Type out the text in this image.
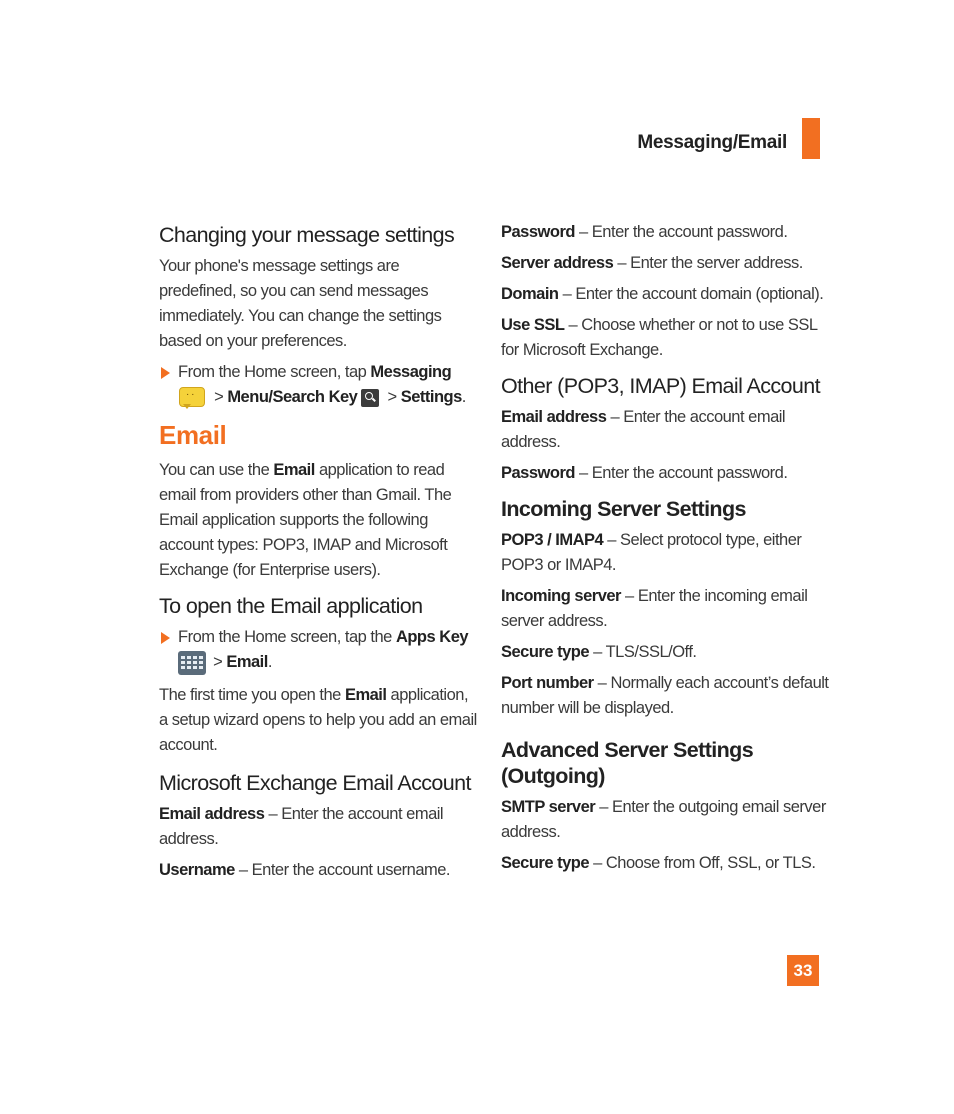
Messaging/Email
Changing your message settings
Your phone's message settings are predefined, so you can send messages immediately. You can change the settings based on your preferences.
From the Home screen, tap Messaging

· · > Menu/Search Key
> Settings.
Email
You can use the Email application to read email from providers other than Gmail. The Email application supports the following account types: POP3, IMAP and Microsoft Exchange (for Enterprise users).
To open the Email application
From the Home screen, tap the Apps Key

> Email.
The first time you open the Email application, a setup wizard opens to help you add an email account.
Microsoft Exchange Email Account
Email address – Enter the account email address.
Username – Enter the account username.
Password – Enter the account password.
Server address – Enter the server address.
Domain – Enter the account domain (optional).
Use SSL – Choose whether or not to use SSL for Microsoft Exchange.
Other (POP3, IMAP) Email Account
Email address – Enter the account email address.
Password – Enter the account password.
Incoming Server Settings
POP3 / IMAP4 – Select protocol type, either POP3 or IMAP4.
Incoming server – Enter the incoming email server address.
Secure type – TLS/SSL/Off.
Port number – Normally each account’s default number will be displayed.
Advanced Server Settings (Outgoing)
SMTP server – Enter the outgoing email server address.
Secure type – Choose from Off, SSL, or TLS.
33
